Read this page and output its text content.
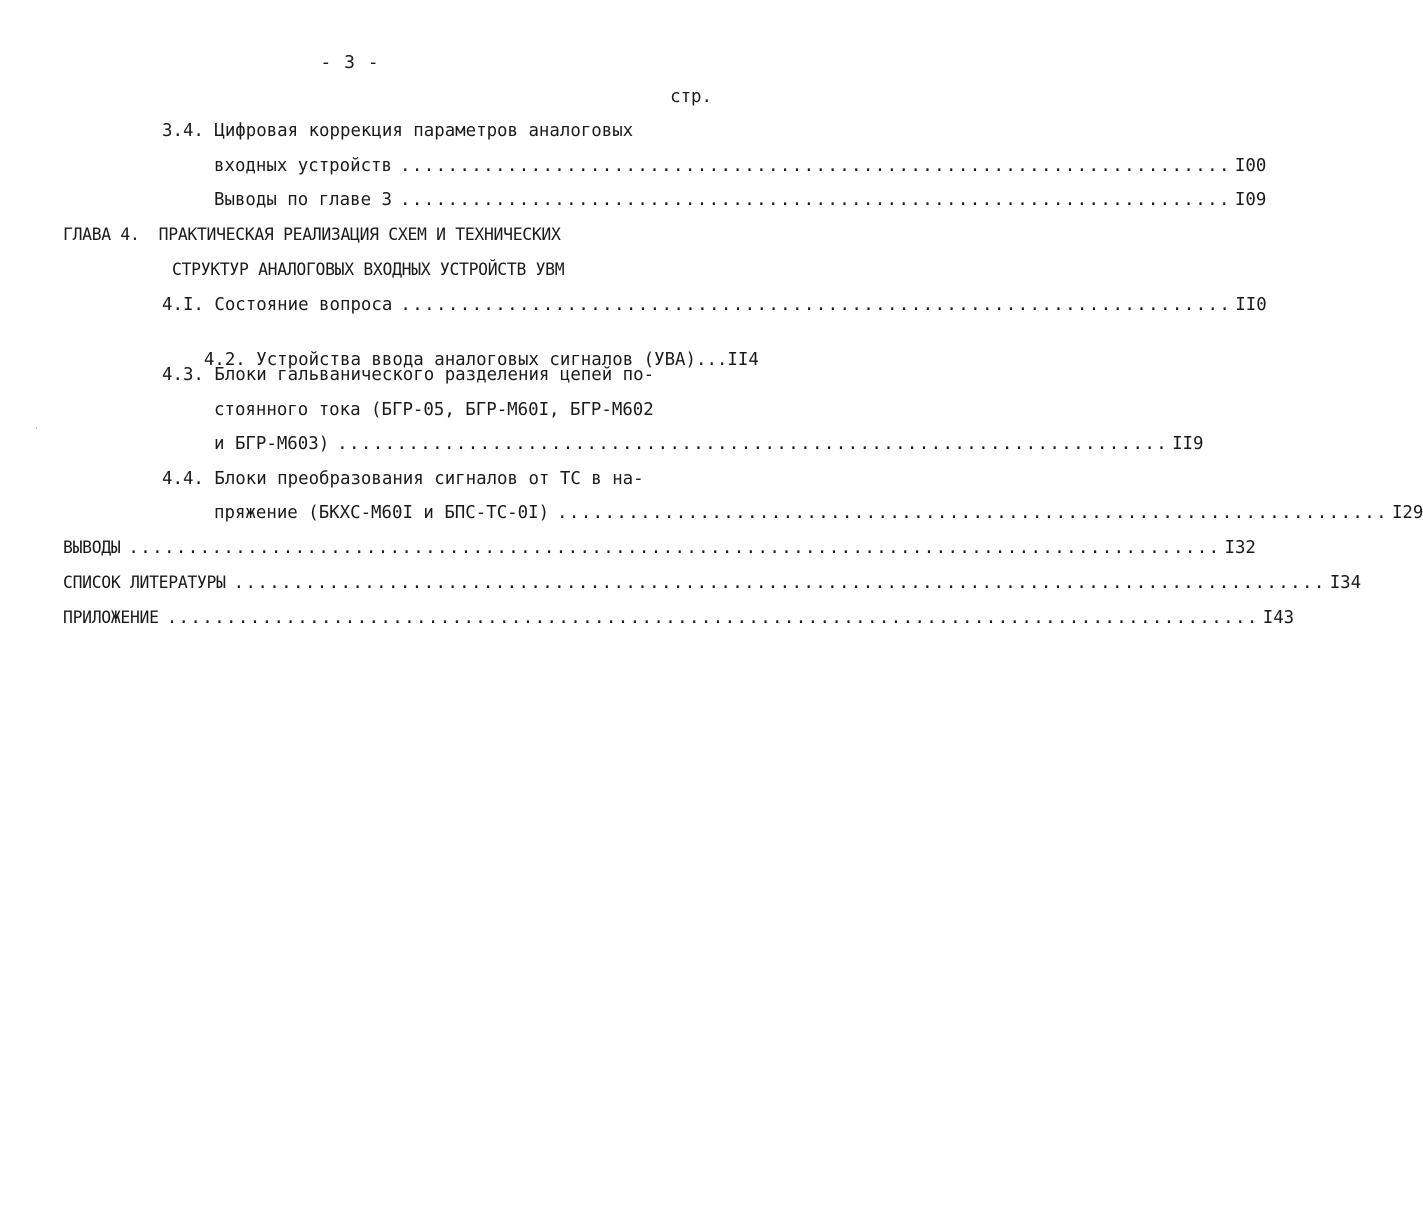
- 3 -
стр.
3.4. Цифровая коррекция параметров аналоговых
входных устройств ...................................................................... I00
Выводы по главе 3 ...................................................................... I09
ГЛАВА 4.  ПРАКТИЧЕСКАЯ РЕАЛИЗАЦИЯ СХЕМ И ТЕХНИЧЕСКИХ
СТРУКТУР АНАЛОГОВЫХ ВХОДНЫХ УСТРОЙСТВ УВМ
4.I. Состояние вопроса ...................................................................... II0

4.2. Устройства ввода аналоговых сигналов (УВА)...II4

4.3. Блоки гальванического разделения цепей по-
стоянного тока (БГР-05, БГР-М60I, БГР-М602
и БГР-М603) ...................................................................... II9
4.4. Блоки преобразования сигналов от ТС в на-
пряжение (БКХС-М60I и БПС-ТС-0I) ...................................................................... I29
ВЫВОДЫ ............................................................................................ I32
СПИСОК ЛИТЕРАТУРЫ ............................................................................................ I34
ПРИЛОЖЕНИЕ ............................................................................................ I43
